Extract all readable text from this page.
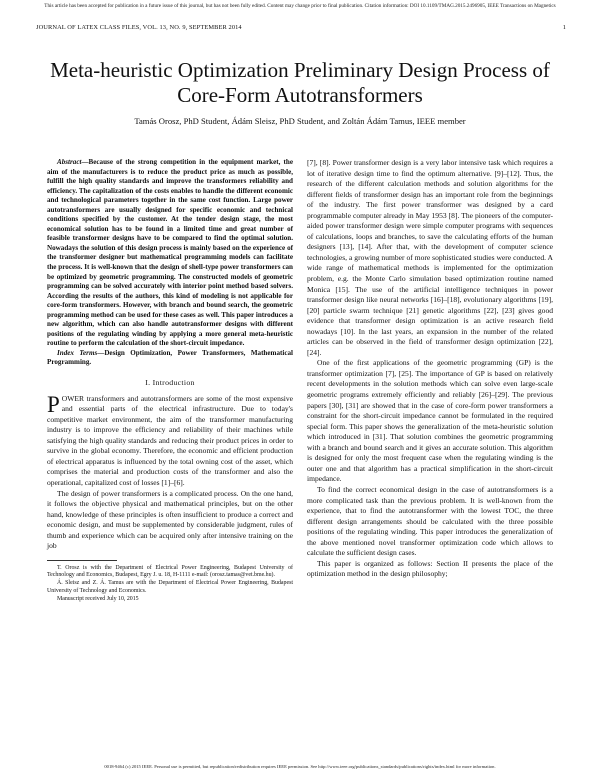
This article has been accepted for publication in a future issue of this journal, but has not been fully edited. Content may change prior to final publication. Citation information: DOI 10.1109/TMAG.2015.2496905, IEEE Transactions on Magnetics
JOURNAL OF LATEX CLASS FILES, VOL. 13, NO. 9, SEPTEMBER 2014	1
Meta-heuristic Optimization Preliminary Design Process of Core-Form Autotransformers
Tamás Orosz, PhD Student, Ádám Sleisz, PhD Student, and Zoltán Ádám Tamus, IEEE member

Abstract—Because of the strong competition in the equipment market, the aim of the manufacturers is to reduce the product price as much as possible, fulfill the high quality standards and improve the transformers reliability and efficiency. The capitalization of the costs enables to handle the different economic and technological parameters together in the same cost function. Large power autotransformers are usually designed for specific economic and technical conditions specified by the customer. At the tender design stage, the most economical solution has to be found in a limited time and great number of feasible transformer designs have to be compared to find the optimal solution. Nowadays the solution of this design process is mainly based on the experience of the transformer designer but mathematical programming models can facilitate the process. It is well-known that the design of shell-type power transformers can be optimized by geometric programming. The constructed models of geometric programming can be solved accurately with interior point method based solvers. According the results of the authors, this kind of modeling is not applicable for core-form transformers. However, with branch and bound search, the geometric programming method can be used for these cases as well. This paper introduces a new algorithm, which can also handle autotransformer designs with different positions of the regulating winding by applying a more general meta-heuristic routine to perform the calculation of the short-circuit impedance.

Index Terms—Design Optimization, Power Transformers, Mathematical Programming.

I. Introduction

POWER transformers and autotransformers are some of the most expensive and essential parts of the electrical infrastructure. Due to today's competitive market environment, the aim of the transformer manufacturing industry is to improve the efficiency and reliability of their machines while satisfying the high quality standards and reducing their product prices in order to survive in the global economy. Therefore, the economic and efficient production of electrical apparatus is influenced by the total owning cost of the asset, which comprises the material and production costs of the transformer and also the operational, capitalized cost of losses [1]–[6].

The design of power transformers is a complicated process. On the one hand, it follows the objective physical and mathematical principles, but on the other hand, knowledge of these principles is often insufficient to produce a correct and economic design, and must be supplemented by considerable judgment, rules of thumb and experience which can be acquired only after intensive training on the job

T. Orosz is with the Department of Electrical Power Engineering, Budapest University of Technology and Economics, Budapest, Egry J. u. 18, H-1111 e-mail: (orosz.tamas@vet.bme.hu).
Á. Sleisz and Z. Á. Tamus are with the Department of Electrical Power Engineering, Budapest University of Technology and Economics.
Manuscript received July 10, 2015

[7], [8]. Power transformer design is a very labor intensive task which requires a lot of iterative design time to find the optimum alternative. [9]–[12]. Thus, the research of the different calculation methods and solution algorithms for the different fields of transformer design has an important role from the beginnings of the industry. The first power transformer was designed by a card programmable computer already in May 1953 [8]. The pioneers of the computer-aided power transformer design were simple computer programs with sequences of calculations, loops and branches, to save the calculating efforts of the human designers [13], [14]. After that, with the development of computer science technologies, a growing number of more sophisticated studies were conducted. A wide range of mathematical methods is implemented for the optimization problem, e.g. the Monte Carlo simulation based optimization routine named Monica [15]. The use of the artificial intelligence techniques in power transformer design like neural networks [16]–[18], evolutionary algorithms [19], [20] particle swarm technique [21] genetic algorithms [22], [23] gives good evidence that transformer design optimization is an active research field nowadays [10]. In the last years, an expansion in the number of the related articles can be observed in the field of transformer design optimization [22], [24].

One of the first applications of the geometric programming (GP) is the transformer optimization [7], [25]. The importance of GP is based on relatively recent developments in the solution methods which can solve even large-scale geometric programs extremely efficiently and reliably [26]–[29]. The previous papers [30], [31] are showed that in the case of core-form power transformers a constraint for the short-circuit impedance cannot be formulated in the required special form. This paper shows the generalization of the meta-heuristic solution which introduced in [31]. That solution combines the geometric programming with a branch and bound search and it gives an accurate solution. This algorithm is designed for only the most frequent case when the regulating winding is the outer one and that algorithm has a practical simplification in the short-circuit impedance.

To find the correct economical design in the case of autotransformers is a more complicated task than the previous problem. It is well-known from the experience, that to find the autotransformer with the lowest TOC, the three different design arrangements should be calculated with the three possible positions of the regulating winding. This paper introduces the generalization of the above mentioned novel transformer optimization code which allows to calculate the sufficient design cases.

This paper is organized as follows: Section II presents the place of the optimization method in the design philosophy;

0018-9464 (c) 2015 IEEE. Personal use is permitted, but republication/redistribution requires IEEE permission. See http://www.ieee.org/publications_standards/publications/rights/index.html for more information.
